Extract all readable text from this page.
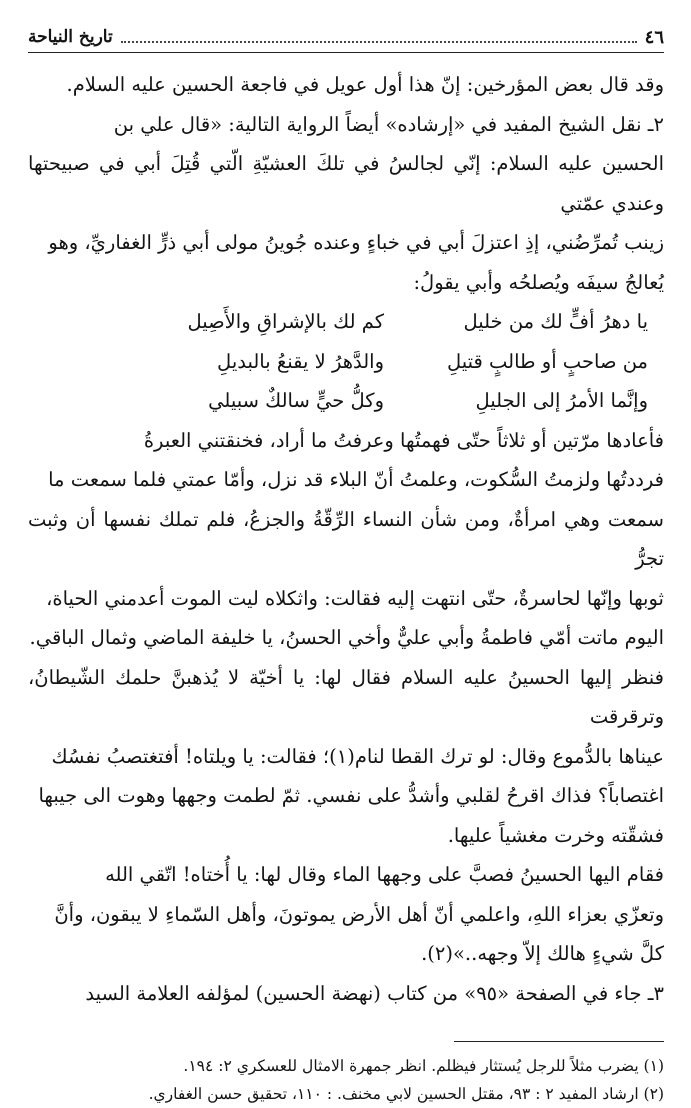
٤٦
تاريخ النياحة

وقد قال بعض المؤرخين: إنّ هذا أول عويل في فاجعة الحسين عليه السلام.

٢ـ نقل الشيخ المفيد في «إرشاده» أيضاً الرواية التالية: «قال علي بن

الحسين عليه السلام: إنّي لجالسُ في تلكَ العشيّةِ الّتي قُتِلَ أبي في صبيحتها وعندي عمّتي

زينب تُمرِّضُني، إذِ اعتزلَ أبي في خباءٍ وعنده جُوينُ مولى أبي ذرٍّ الغفاريِّ، وهو

يُعالجُ سيفَه ويُصلحُه وأبي يقولُ:

يا دهرُ أفٍّ لك من خليل
كم لك بالإشراقِ والأَصِيل
من صاحبٍ أو طالبٍ قتيلِ
والدَّهرُ لا يقنعُ بالبديلِ
وإنَّما الأمرُ إلى الجليلِ
وكلُّ حيٍّ سالكٌ سبيلي

فأعادها مرّتين أو ثلاثاً حتّى فهمتُها وعرفتُ ما أراد، فخنقتني العبرةُ

فرددتُها ولزمتُ السُّكوت، وعلمتُ أنّ البلاء قد نزل، وأمّا عمتي فلما سمعت ما

سمعت وهي امرأةٌ، ومن شأن النساء الرِّقّةُ والجزعُ، فلم تملك نفسها أن وثبت تجرُّ

ثوبها وإنّها لحاسرةٌ، حتّى انتهت إليه فقالت: واثكلاه ليت الموت أعدمني الحياة،

اليوم ماتت أمّي فاطمةُ وأبي عليٌّ وأخي الحسنُ، يا خليفة الماضي وثمال الباقي.

فنظر إليها الحسينُ عليه السلام فقال لها: يا أخيّة لا يُذهبنَّ حلمك الشّيطانُ، وترقرقت

عيناها بالدُّموع وقال: لو ترك القطا لنام(١)؛ فقالت: يا ويلتاه! أفتغتصبُ نفسُك

اغتصاباً؟ فذاك اقرحُ لقلبي وأشدُّ على نفسي. ثمّ لطمت وجهها وهوت الى جيبها

فشقّته وخرت مغشياً عليها.

فقام اليها الحسينُ فصبَّ على وجهها الماء وقال لها: يا أُختاه! اتّقي الله

وتعزّي بعزاء اللهِ، واعلمي أنّ أهل الأرض يموتونَ، وأهل السّماءِ لا يبقون، وأنَّ

كلَّ شيءٍ هالك إلاّ وجهه..»(٢).

٣ـ جاء في الصفحة «٩٥» من كتاب (نهضة الحسين) لمؤلفه العلامة السيد

(١) يضرب مثلاً للرجل يُستثار فيظلم. انظر جمهرة الامثال للعسكري ٢: ١٩٤.

(٢) ارشاد المفيد ٢ : ٩٣، مقتل الحسين لابي مخنف. : ١١٠، تحقيق حسن الغفاري.
